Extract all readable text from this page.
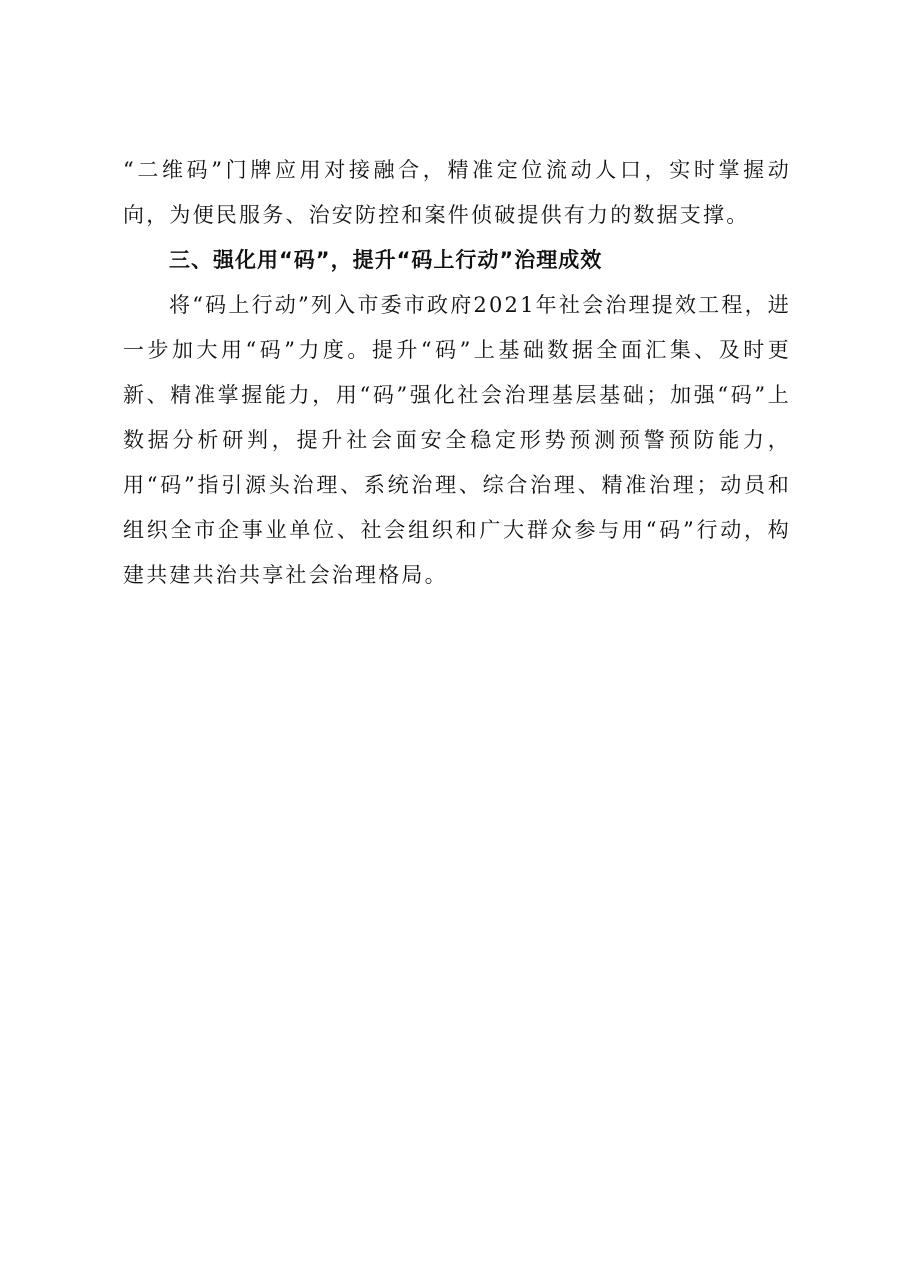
“二维码”门牌应用对接融合，精准定位流动人口，实时掌握动向，为便民服务、治安防控和案件侦破提供有力的数据支撑。

三、强化用“码”，提升“码上行动”治理成效

将“码上行动”列入市委市政府2021年社会治理提效工程，进一步加大用“码”力度。提升“码”上基础数据全面汇集、及时更新、精准掌握能力，用“码”强化社会治理基层基础；加强“码”上数据分析研判，提升社会面安全稳定形势预测预警预防能力，用“码”指引源头治理、系统治理、综合治理、精准治理；动员和组织全市企事业单位、社会组织和广大群众参与用“码”行动，构建共建共治共享社会治理格局。
